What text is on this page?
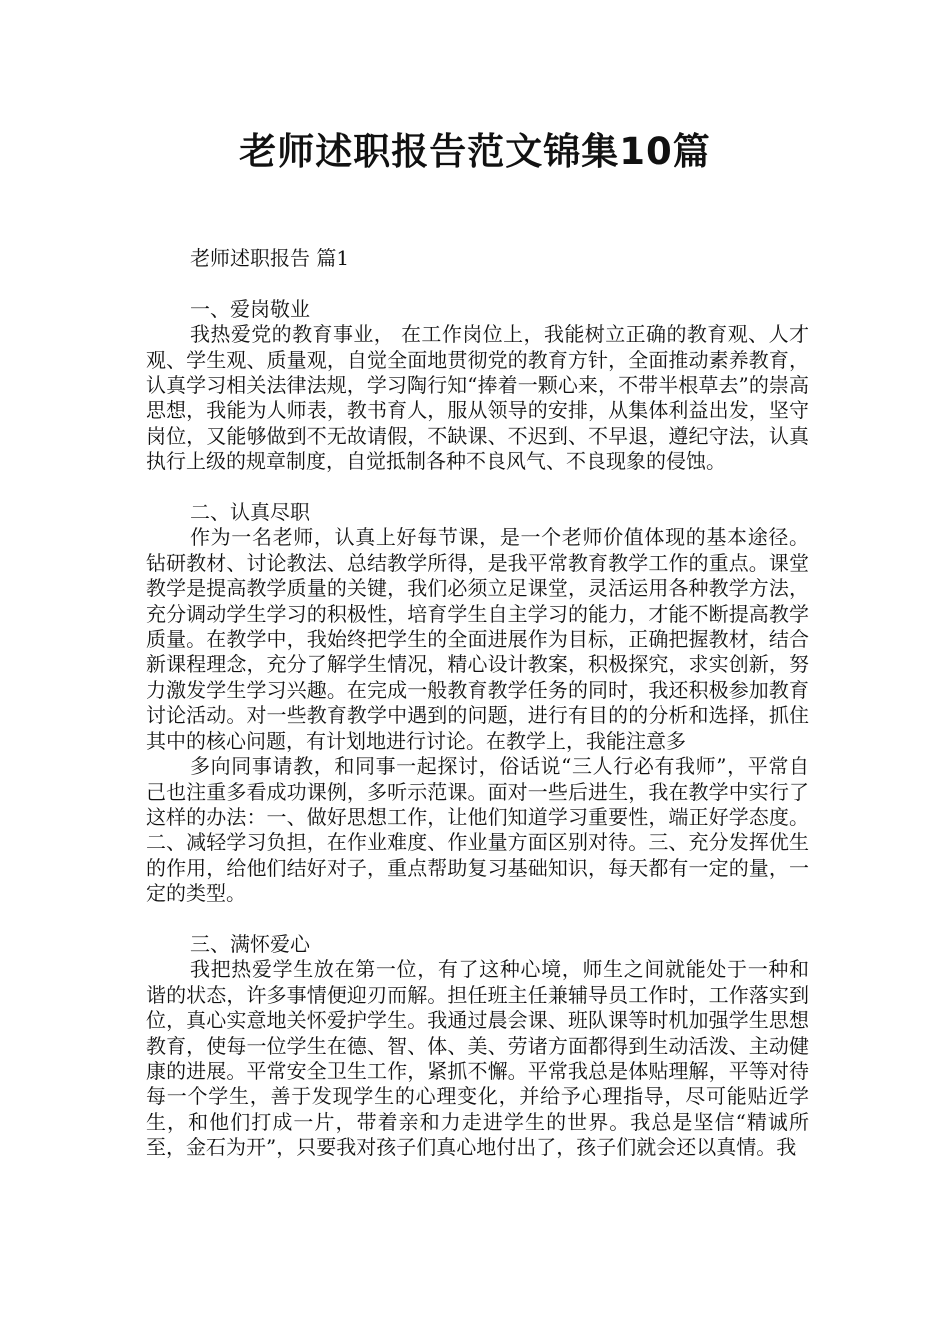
老师述职报告范文锦集10篇

老师述职报告 篇1

一、爱岗敬业

我热爱党的教育事业， 在工作岗位上，我能树立正确的教育观、人才观、学生观、质量观，自觉全面地贯彻党的教育方针，全面推动素养教育，认真学习相关法律法规，学习陶行知“捧着一颗心来，不带半根草去”的崇高思想，我能为人师表，教书育人，服从领导的安排，从集体利益出发，坚守岗位，又能够做到不无故请假，不缺课、不迟到、不早退，遵纪守法，认真执行上级的规章制度，自觉抵制各种不良风气、不良现象的侵蚀。

二、认真尽职

作为一名老师，认真上好每节课，是一个老师价值体现的基本途径。钻研教材、讨论教法、总结教学所得，是我平常教育教学工作的重点。课堂教学是提高教学质量的关键，我们必须立足课堂，灵活运用各种教学方法，充分调动学生学习的积极性，培育学生自主学习的能力，才能不断提高教学质量。在教学中，我始终把学生的全面进展作为目标，正确把握教材，结合新课程理念，充分了解学生情况，精心设计教案，积极探究，求实创新，努力激发学生学习兴趣。在完成一般教育教学任务的同时，我还积极参加教育讨论活动。对一些教育教学中遇到的问题，进行有目的的分析和选择，抓住其中的核心问题，有计划地进行讨论。在教学上，我能注意多

多向同事请教，和同事一起探讨，俗话说“三人行必有我师”，平常自己也注重多看成功课例，多听示范课。面对一些后进生，我在教学中实行了这样的办法：一、做好思想工作，让他们知道学习重要性，端正好学态度。二、减轻学习负担，在作业难度、作业量方面区别对待。三、充分发挥优生的作用，给他们结好对子，重点帮助复习基础知识，每天都有一定的量，一定的类型。

三、满怀爱心

我把热爱学生放在第一位，有了这种心境，师生之间就能处于一种和谐的状态，许多事情便迎刃而解。担任班主任兼辅导员工作时，工作落实到位，真心实意地关怀爱护学生。我通过晨会课、班队课等时机加强学生思想教育，使每一位学生在德、智、体、美、劳诸方面都得到生动活泼、主动健康的进展。平常安全卫生工作，紧抓不懈。平常我总是体贴理解，平等对待每一个学生，善于发现学生的心理变化，并给予心理指导，尽可能贴近学生，和他们打成一片，带着亲和力走进学生的世界。我总是坚信“精诚所至，金石为开”，只要我对孩子们真心地付出了，孩子们就会还以真情。我
